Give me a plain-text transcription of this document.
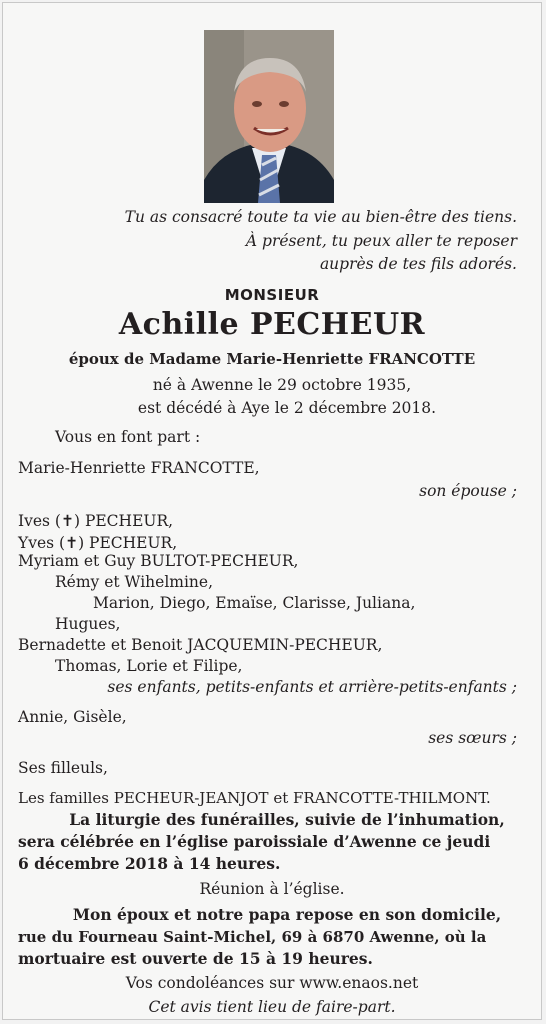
Tu as consacré toute ta vie au bien-être des tiens.
À présent, tu peux aller te reposer
auprès de tes fils adorés.
MONSIEUR
Achille PECHEUR
époux de Madame Marie-Henriette FRANCOTTE
né à Awenne le 29 octobre 1935,
est décédé à Aye le 2 décembre 2018.
Vous en font part :
Marie-Henriette FRANCOTTE,
son épouse ;
Ives (✝) PECHEUR,
Yves (✝) PECHEUR,
Myriam et Guy BULTOT-PECHEUR,
Rémy et Wihelmine,
Marion, Diego, Emaïse, Clarisse, Juliana,
Hugues,
Bernadette et Benoit JACQUEMIN-PECHEUR,
Thomas, Lorie et Filipe,
ses enfants, petits-enfants et arrière-petits-enfants ;
Annie, Gisèle,
ses sœurs ;
Ses filleuls,
Les familles PECHEUR-JEANJOT et FRANCOTTE-THILMONT.
La liturgie des funérailles, suivie de l’inhumation,
sera célébrée en l’église paroissiale d’Awenne ce jeudi
6 décembre 2018 à 14 heures.
Réunion à l’église.
Mon époux et notre papa repose en son domicile,
rue du Fourneau Saint-Michel, 69 à 6870 Awenne, où la
mortuaire est ouverte de 15 à 19 heures.
Vos condoléances sur www.enaos.net
Cet avis tient lieu de faire-part.
